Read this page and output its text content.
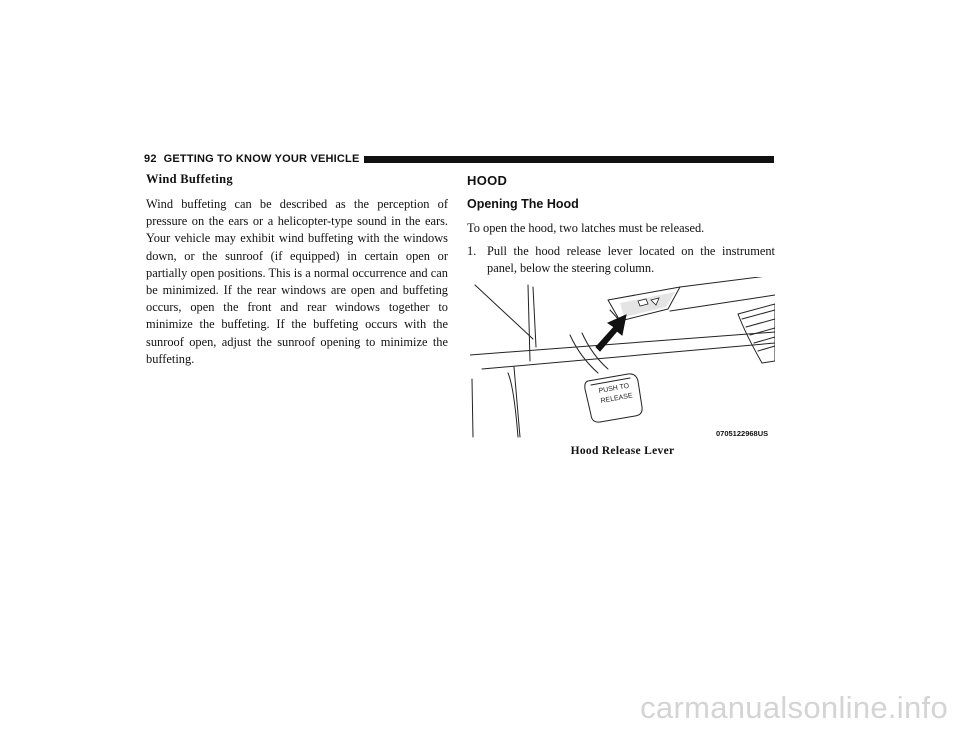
92 GETTING TO KNOW YOUR VEHICLE
Wind Buffeting

Wind buffeting can be described as the perception of pressure on the ears or a helicopter-type sound in the ears. Your vehicle may exhibit wind buffeting with the windows down, or the sunroof (if equipped) in certain open or partially open positions. This is a normal occurrence and can be minimized. If the rear windows are open and buffeting occurs, open the front and rear windows together to minimize the buffeting. If the buffeting occurs with the sunroof open, adjust the sunroof opening to minimize the buffeting.

HOOD
Opening The Hood

To open the hood, two latches must be released.

1. Pull the hood release lever located on the instrument panel, below the steering column.

PUSH TO
RELEASE
0705122968US
Hood Release Lever
carmanualsonline.info
